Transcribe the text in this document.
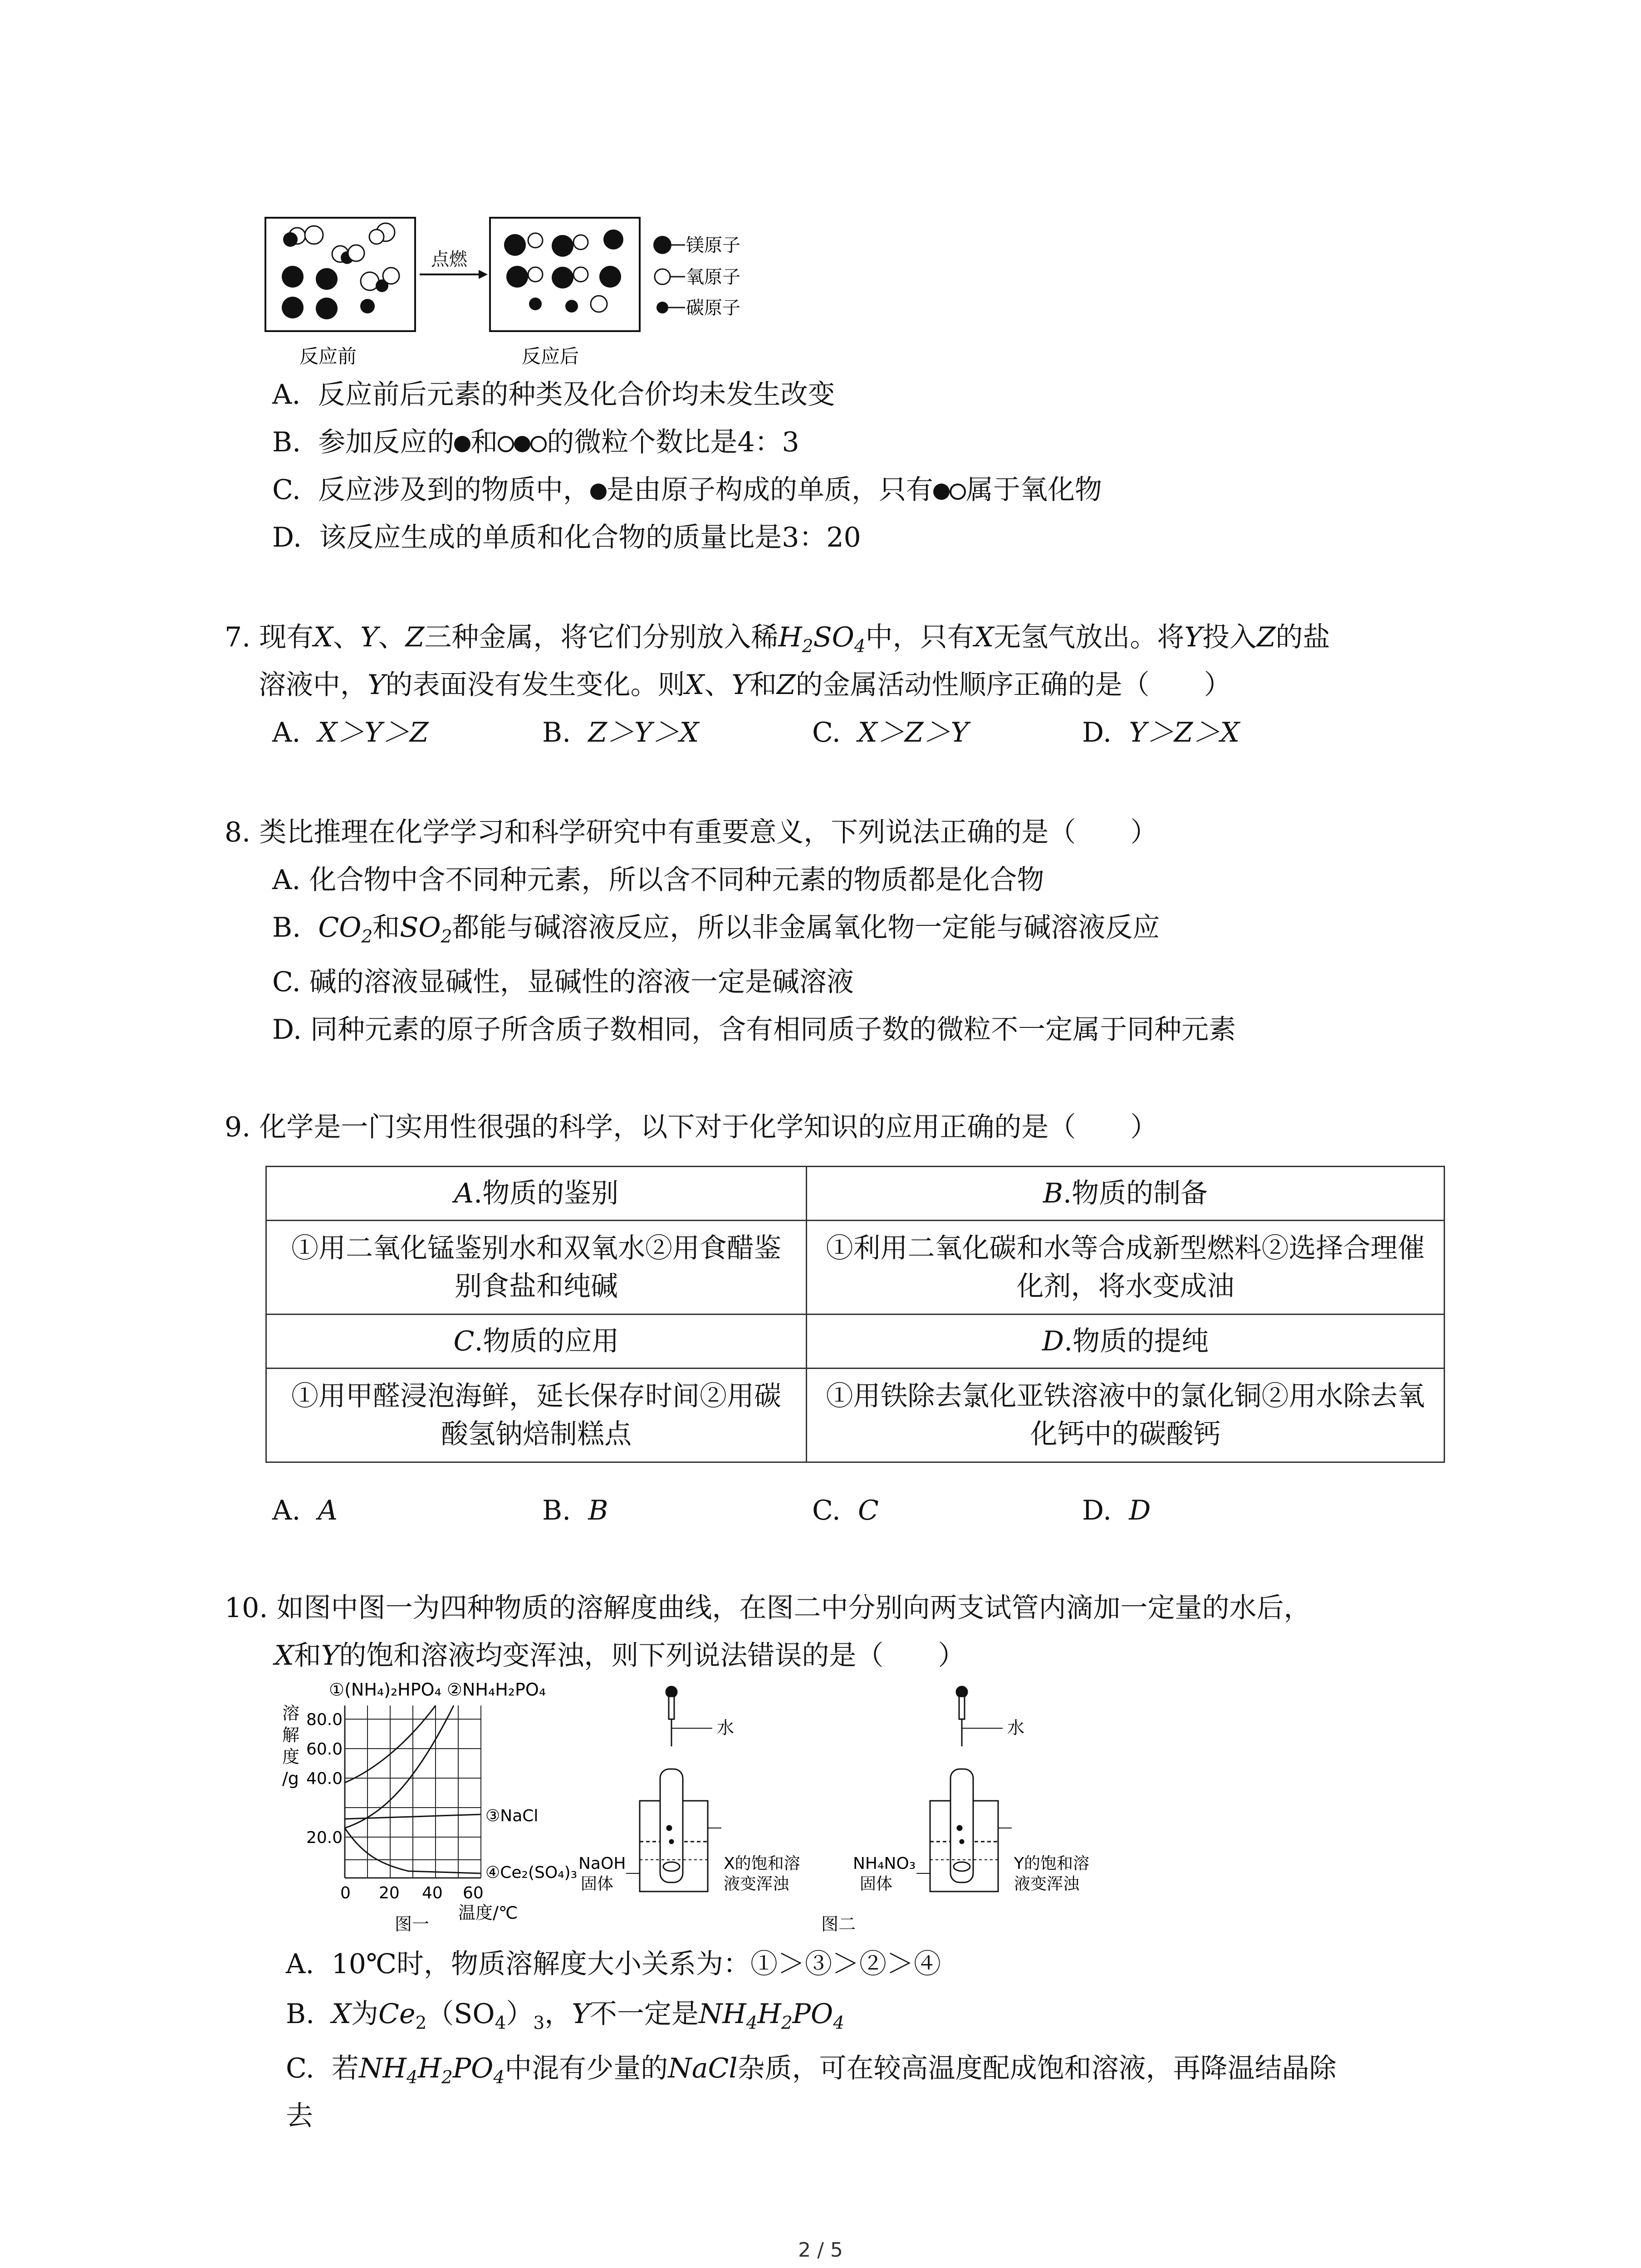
点燃
镁原子
氧原子
碳原子
反应前	反应后
A. 反应前后元素的种类及化合价均未发生改变
B. 参加反应的 和 的微粒个数比是4：3
C. 反应涉及到的物质中， 是由原子构成的单质，只有 属于氧化物
D. 该反应生成的单质和化合物的质量比是3：20
7. 现有X、Y、Z三种金属，将它们分别放入稀$H_2SO_4$中，只有X无氢气放出。将Y投入Z的盐
溶液中，Y的表面没有发生变化。则X、Y和Z的金属活动性顺序正确的是（　　）
A. X＞Y＞Z	B. Z＞Y＞X	C. X＞Z＞Y	D. Y＞Z＞X
8. 类比推理在化学学习和科学研究中有重要意义，下列说法正确的是（　　）
A. 化合物中含不同种元素，所以含不同种元素的物质都是化合物
B. $CO_2$和$SO_2$都能与碱溶液反应，所以非金属氧化物一定能与碱溶液反应
C. 碱的溶液显碱性，显碱性的溶液一定是碱溶液
D. 同种元素的原子所含质子数相同，含有相同质子数的微粒不一定属于同种元素
9. 化学是一门实用性很强的科学，以下对于化学知识的应用正确的是（　　）
A.物质的鉴别	B.物质的制备
①用二氧化锰鉴别水和双氧水②用食醋鉴别食盐和纯碱	①利用二氧化碳和水等合成新型燃料②选择合理催化剂，将水变成油
C.物质的应用	D.物质的提纯
①用甲醛浸泡海鲜，延长保存时间②用碳酸氢钠焙制糕点	①用铁除去氯化亚铁溶液中的氯化铜②用水除去氧化钙中的碳酸钙
A. A	B. B	C. C	D. D
10. 如图中图一为四种物质的溶解度曲线，在图二中分别向两支试管内滴加一定量的水后，
X和Y的饱和溶液均变浑浊，则下列说法错误的是（　　）
①(NH₄)₂HPO₄ ②NH₄H₂PO₄
溶解度/g
80.0
60.0
40.0
20.0
③NaCl
④Ce₂(SO₄)₃
0 20 40 60
温度/℃
图一
水
NaOH 固体
X的饱和溶液变浑浊
水
NH₄NO₃ 固体
Y的饱和溶液变浑浊
图二
A. 10℃时，物质溶解度大小关系为：①＞③＞②＞④
B. X为$Ce_2(SO_4)_3$，Y不一定是$NH_4H_2PO_4$
C. 若$NH_4H_2PO_4$中混有少量的NaCl杂质，可在较高温度配成饱和溶液，再降温结晶除
去
2 / 5
